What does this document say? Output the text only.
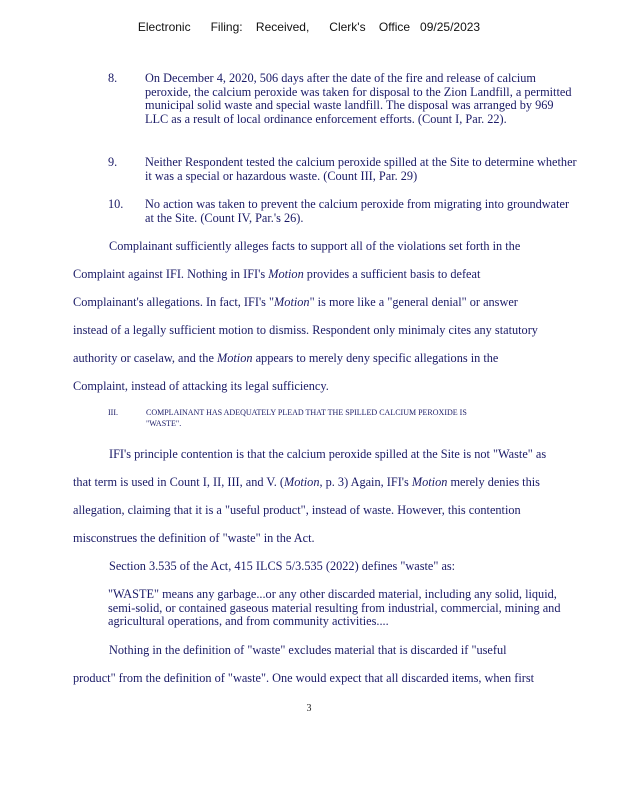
Electronic      Filing:    Received,      Clerk's    Office   09/25/2023
8.	On December 4, 2020, 506 days after the date of the fire and release of calcium peroxide, the calcium peroxide was taken for disposal to the Zion Landfill, a permitted municipal solid waste and special waste landfill. The disposal was arranged by 969 LLC as a result of local ordinance enforcement efforts. (Count I, Par. 22).
9.	Neither Respondent tested the calcium peroxide spilled at the Site to determine whether it was a special or hazardous waste. (Count III, Par. 29)
10.	No action was taken to prevent the calcium peroxide from migrating into groundwater at the Site. (Count IV, Par.'s 26).
Complainant sufficiently alleges facts to support all of the violations set forth in the
Complaint against IFI. Nothing in IFI's Motion provides a sufficient basis to defeat
Complainant's allegations. In fact, IFI's "Motion" is more like a "general denial" or answer
instead of a legally sufficient motion to dismiss. Respondent only minimaly cites any statutory
authority or caselaw, and the Motion appears to merely deny specific allegations in the
Complaint, instead of attacking its legal sufficiency.
III.	COMPLAINANT HAS ADEQUATELY PLEAD THAT THE SPILLED CALCIUM PEROXIDE IS "WASTE".
IFI's principle contention is that the calcium peroxide spilled at the Site is not "Waste" as
that term is used in Count I, II, III, and V. (Motion, p. 3) Again, IFI's Motion merely denies this
allegation, claiming that it is a "useful product", instead of waste. However, this contention
misconstrues the definition of "waste" in the Act.
Section 3.535 of the Act, 415 ILCS 5/3.535 (2022) defines "waste" as:
"WASTE" means any garbage...or any other discarded material, including any solid, liquid, semi-solid, or contained gaseous material resulting from industrial, commercial, mining and agricultural operations, and from community activities....
Nothing in the definition of "waste" excludes material that is discarded if "useful
product" from the definition of "waste". One would expect that all discarded items, when first
3
